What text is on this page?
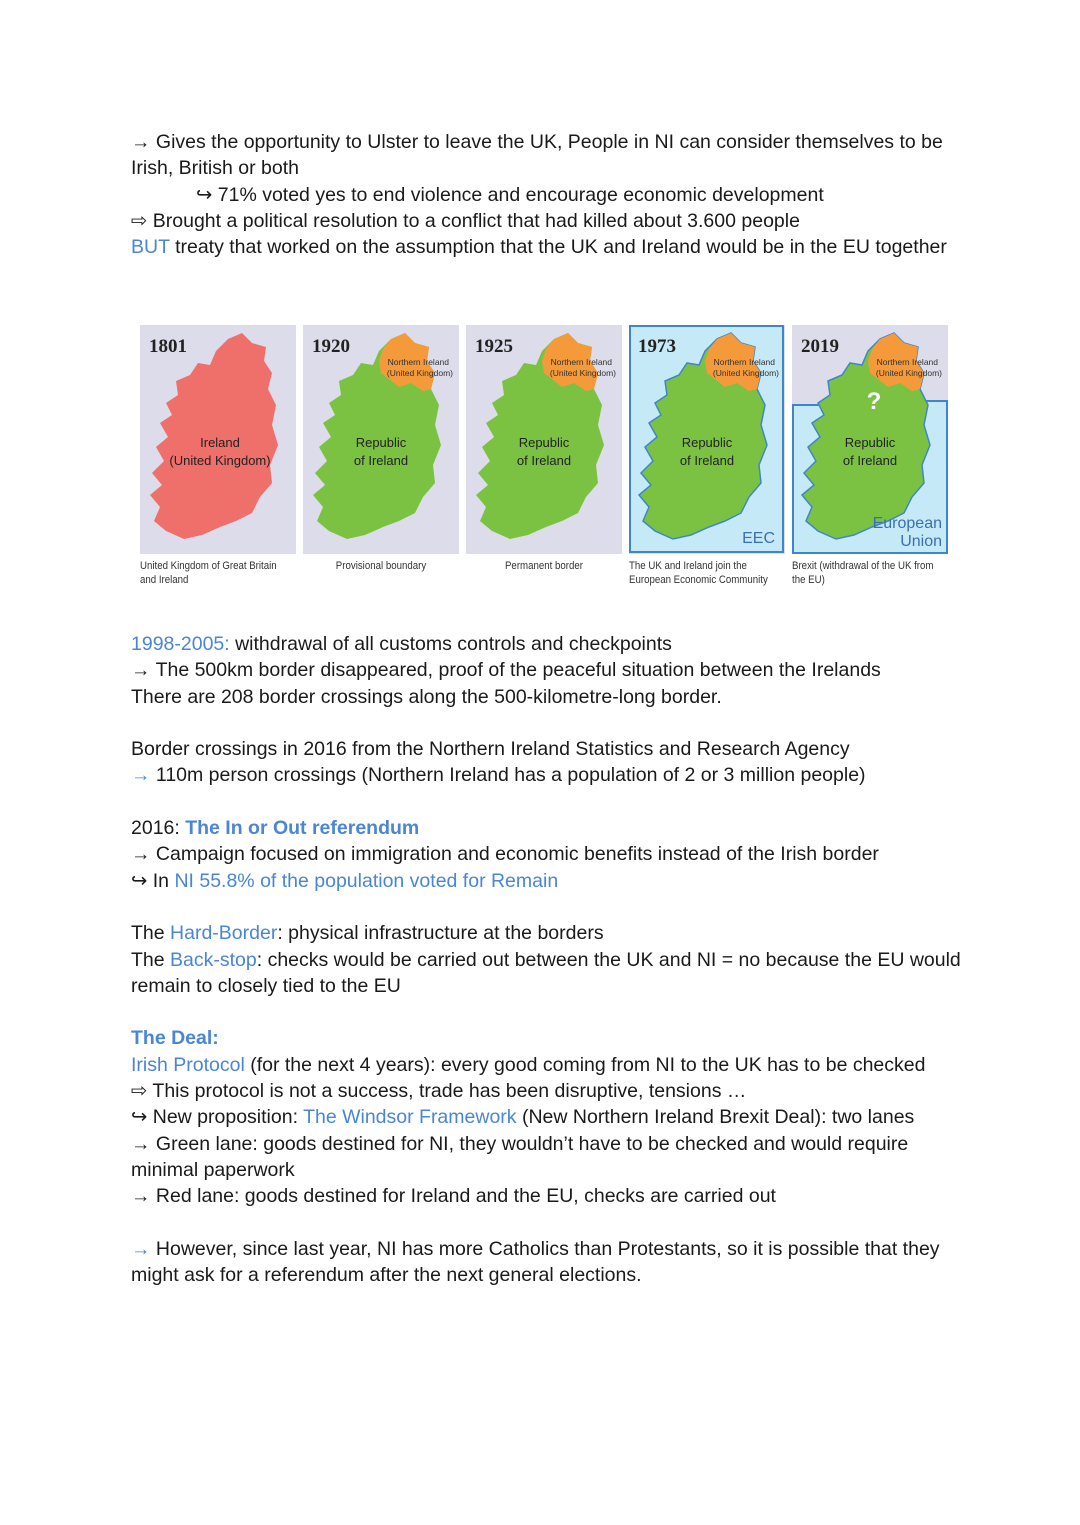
→ Gives the opportunity to Ulster to leave the UK, People in NI can consider themselves to be Irish, British or both

↪ 71% voted yes to end violence and encourage economic development

⇨ Brought a political resolution to a conflict that had killed about 3.600 people

BUT treaty that worked on the assumption that the UK and Ireland would be in the EU together

1801
Ireland
(United Kingdom)
United Kingdom of Great Britain and Ireland
1920
Northern Ireland
(United Kingdom)
Republic
of Ireland
Provisional boundary
1925
Northern Ireland
(United Kingdom)
Republic
of Ireland
Permanent border
1973
Northern Ireland
(United Kingdom)
Republic
of Ireland
EEC
The UK and Ireland join the European Economic Community
2019
Northern Ireland
(United Kingdom)
?
Republic
of Ireland
European
Union
Brexit (withdrawal of the UK from the EU)

1998-2005: withdrawal of all customs controls and checkpoints

→ The 500km border disappeared, proof of the peaceful situation between the Irelands

There are 208 border crossings along the 500-kilometre-long border.

Border crossings in 2016 from the Northern Ireland Statistics and Research Agency

→ 110m person crossings (Northern Ireland has a population of 2 or 3 million people)

2016: The In or Out referendum

→ Campaign focused on immigration and economic benefits instead of the Irish border

↪ In NI 55.8% of the population voted for Remain

The Hard-Border: physical infrastructure at the borders

The Back-stop: checks would be carried out between the UK and NI = no because the EU would remain to closely tied to the EU

The Deal:

Irish Protocol (for the next 4 years): every good coming from NI to the UK has to be checked

⇨ This protocol is not a success, trade has been disruptive, tensions …

↪ New proposition: The Windsor Framework (New Northern Ireland Brexit Deal): two lanes

→ Green lane: goods destined for NI, they wouldn’t have to be checked and would require minimal paperwork

→ Red lane: goods destined for Ireland and the EU, checks are carried out

→ However, since last year, NI has more Catholics than Protestants, so it is possible that they might ask for a referendum after the next general elections.
